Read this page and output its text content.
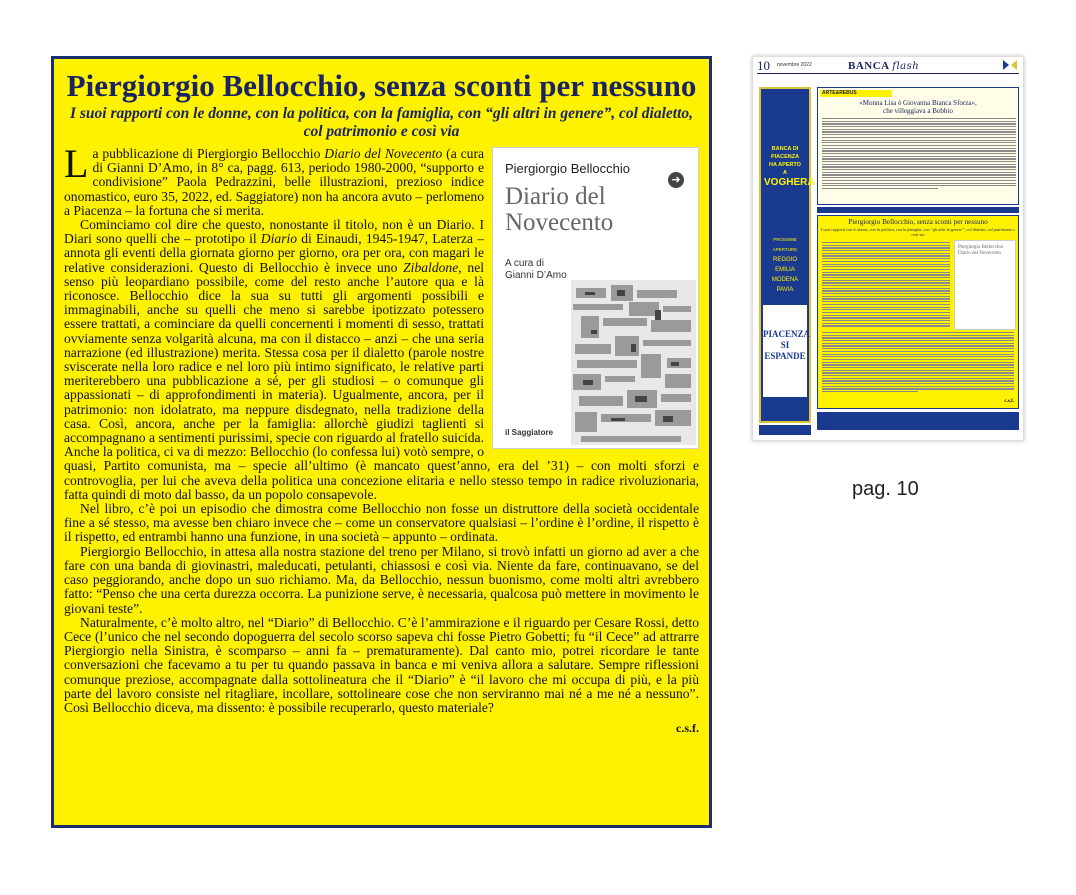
Piergiorgio Bellocchio, senza sconti per nessuno
I suoi rapporti con le donne, con la politica, con la famiglia, con “gli altri in genere”, col dialetto, col patrimonio e così via
Piergiorgio Bellocchio
Diario del
Novecento
➜
A cura di
Gianni D’Amo
il Saggiatore

La pubblicazione di Piergiorgio Bellocchio Diario del Novecento (a cura di Gianni D’Amo, in 8° ca, pagg. 613, periodo 1980-2000, “supporto e condivisione” Paola Pedrazzini, belle illustrazioni, prezioso indice onomastico, euro 35, 2022, ed. Saggiatore) non ha ancora avuto – perlomeno a Piacenza – la fortuna che si merita.

Cominciamo col dire che questo, nonostante il titolo, non è un Diario. I Diari sono quelli che – prototipo il Diario di Einaudi, 1945-1947, Laterza – annota gli eventi della giornata giorno per giorno, ora per ora, con magari le relative considerazioni. Questo di Bellocchio è invece uno Zibaldone, nel senso più leopardiano possibile, come del resto anche l’autore qua e là riconosce. Bellocchio dice la sua su tutti gli argomenti possibili e immaginabili, anche su quelli che meno si sarebbe ipotizzato potessero essere trattati, a cominciare da quelli concernenti i momenti di sesso, trattati ovviamente senza volgarità alcuna, ma con il distacco – anzi – che una seria narrazione (ed illustrazione) merita. Stessa cosa per il dialetto (parole nostre sviscerate nella loro radice e nel loro più intimo significato, le relative parti meriterebbero una pubblicazione a sé, per gli studiosi – o comunque gli appassionati – di approfondimenti in materia). Ugualmente, ancora, per il patrimonio: non idolatrato, ma neppure disdegnato, nella tradizione della casa. Così, ancora, anche per la famiglia: allorchè giudizi taglienti si accompagnano a sentimenti purissimi, specie con riguardo al fratello suicida. Anche la politica, ci va di mezzo: Bellocchio (lo confessa lui) votò sempre, o quasi, Partito comunista, ma – specie all’ultimo (è mancato quest’anno, era del ’31) – con molti sforzi e controvoglia, per lui che aveva della politica una concezione elitaria e nello stesso tempo in radice rivoluzionaria, fatta quindi di moto dal basso, da un popolo consapevole.

Nel libro, c’è poi un episodio che dimostra come Bellocchio non fosse un distruttore della società occidentale fine a sé stesso, ma avesse ben chiaro invece che – come un conservatore qualsiasi – l’ordine è l’ordine, il rispetto è il rispetto, ed entrambi hanno una funzione, in una società – appunto – ordinata.

Piergiorgio Bellocchio, in attesa alla nostra stazione del treno per Milano, si trovò infatti un giorno ad aver a che fare con una banda di giovinastri, maleducati, petulanti, chiassosi e così via. Niente da fare, continuavano, se del caso peggiorando, anche dopo un suo richiamo. Ma, da Bellocchio, nessun buonismo, come molti altri avrebbero fatto: “Penso che una certa durezza occorra. La punizione serve, è necessaria, qualcosa può mettere in movimento le giovani teste”.

Naturalmente, c’è molto altro, nel “Diario” di Bellocchio. C’è l’ammirazione e il riguardo per Cesare Rossi, detto Cece (l’unico che nel secondo dopoguerra del secolo scorso sapeva chi fosse Pietro Gobetti; fu “il Cece” ad attrarre Piergiorgio nella Sinistra, è scomparso – anni fa – prematuramente). Dal canto mio, potrei ricordare le tante conversazioni che facevamo a tu per tu quando passava in banca e mi veniva allora a salutare. Sempre riflessioni comunque preziose, accompagnate dalla sottolineatura che il “Diario” è “il lavoro che mi occupa di più, e la più parte del lavoro consiste nel ritagliare, incollare, sottolineare cose che non serviranno mai né a me né a nessuno”. Così Bellocchio diceva, ma dissento: è possibile recuperarlo, questo materiale?

c.s.f.
10 novembre 2022	BANCA flash
BANCA DI PIACENZA
HA APERTO
A
VOGHERA
PROSSIME APERTURE
REGGIO EMILIA
MODENA
PAVIA
PIACENZA
SI
ESPANDE
ARTE&REBUS
«Monna Lisa è Giovanna Bianca Sforza»,
che villeggiava a Bobbio
Piergiorgio Bellocchio, senza sconti per nessuno
I suoi rapporti con le donne, con la politica, con la famiglia, con “gli altri in genere”, col dialetto, col patrimonio e così via
Piergiorgio Bellocchio Diario del Novecento
c.s.f.
pag. 10
